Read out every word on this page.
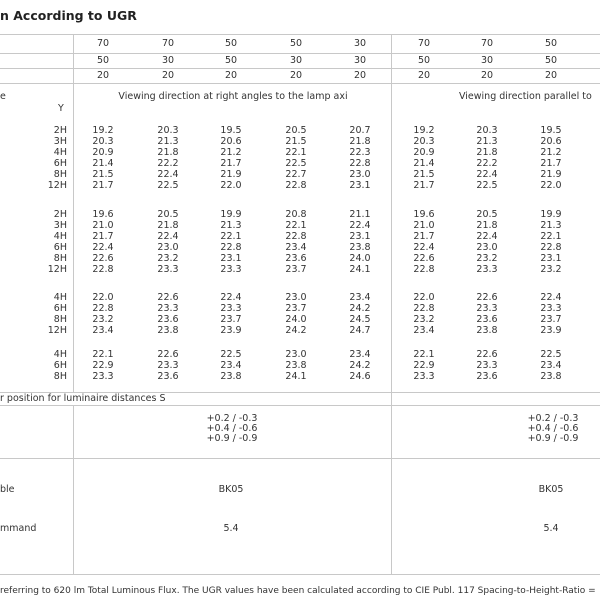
n According to UGR
e
Y
Viewing direction at right angles to the lamp axi	Viewing direction parallel to
70	70	50	50	30	70	70	50
50	30	50	30	30	50	30	50
20	20	20	20	20	20	20	20
2H	19.2	20.3	19.5	20.5	20.7	19.2	20.3	19.5
3H	20.3	21.3	20.6	21.5	21.8	20.3	21.3	20.6
4H	20.9	21.8	21.2	22.1	22.3	20.9	21.8	21.2
6H	21.4	22.2	21.7	22.5	22.8	21.4	22.2	21.7
8H	21.5	22.4	21.9	22.7	23.0	21.5	22.4	21.9
12H	21.7	22.5	22.0	22.8	23.1	21.7	22.5	22.0
2H	19.6	20.5	19.9	20.8	21.1	19.6	20.5	19.9
3H	21.0	21.8	21.3	22.1	22.4	21.0	21.8	21.3
4H	21.7	22.4	22.1	22.8	23.1	21.7	22.4	22.1
6H	22.4	23.0	22.8	23.4	23.8	22.4	23.0	22.8
8H	22.6	23.2	23.1	23.6	24.0	22.6	23.2	23.1
12H	22.8	23.3	23.3	23.7	24.1	22.8	23.3	23.2
4H	22.0	22.6	22.4	23.0	23.4	22.0	22.6	22.4
6H	22.8	23.3	23.3	23.7	24.2	22.8	23.3	23.3
8H	23.2	23.6	23.7	24.0	24.5	23.2	23.6	23.7
12H	23.4	23.8	23.9	24.2	24.7	23.4	23.8	23.9
4H	22.1	22.6	22.5	23.0	23.4	22.1	22.6	22.5
6H	22.9	23.3	23.4	23.8	24.2	22.9	23.3	23.4
8H	23.3	23.6	23.8	24.1	24.6	23.3	23.6	23.8
r position for luminaire distances S
+0.2 / -0.3
+0.4 / -0.6
+0.9 / -0.9
+0.2 / -0.3
+0.4 / -0.6
+0.9 / -0.9
ble	BK05	BK05
mmand	5.4	5.4
referring to 620 lm Total Luminous Flux. The UGR values have been calculated according to CIE Publ. 117 Spacing-to-Height-Ratio =
